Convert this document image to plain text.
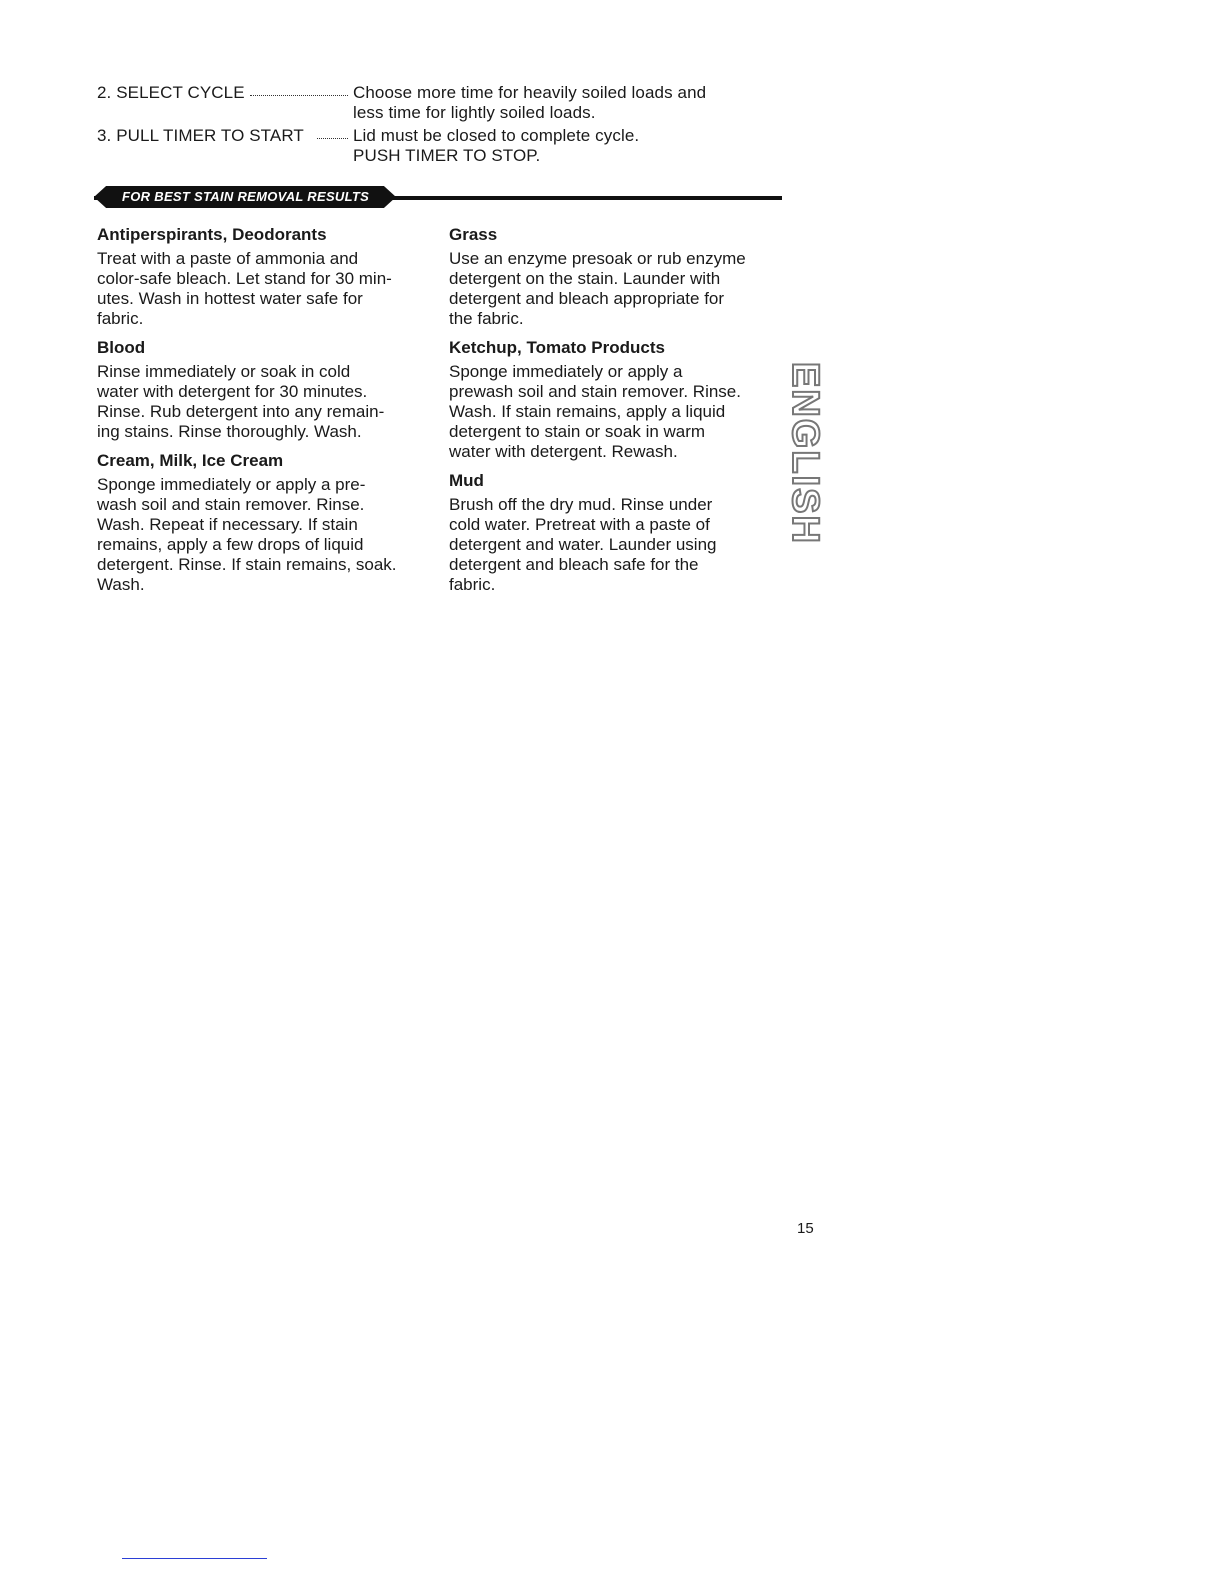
2. SELECT CYCLE	Choose more time for heavily soiled loads and
less time for lightly soiled loads.
3. PULL TIMER TO START	Lid must be closed to complete cycle.
PUSH TIMER TO STOP.
FOR BEST STAIN REMOVAL RESULTS
Antiperspirants, Deodorants
Treat with a paste of ammonia and
color-safe bleach. Let stand for 30 min-
utes. Wash in hottest water safe for
fabric.
Blood
Rinse immediately or soak in cold
water with detergent for 30 minutes.
Rinse. Rub detergent into any remain-
ing stains. Rinse thoroughly. Wash.
Cream, Milk, Ice Cream
Sponge immediately or apply a pre-
wash soil and stain remover. Rinse.
Wash. Repeat if necessary. If stain
remains, apply a few drops of liquid
detergent. Rinse. If stain remains, soak.
Wash.
Grass
Use an enzyme presoak or rub enzyme
detergent on the stain. Launder with
detergent and bleach appropriate for
the fabric.
Ketchup, Tomato Products
Sponge immediately or apply a
prewash soil and stain remover. Rinse.
Wash. If stain remains, apply a liquid
detergent to stain or soak in warm
water with detergent. Rewash.
Mud
Brush off the dry mud. Rinse under
cold water. Pretreat with a paste of
detergent and water. Launder using
detergent and bleach safe for the
fabric.
ENGLISH
15
